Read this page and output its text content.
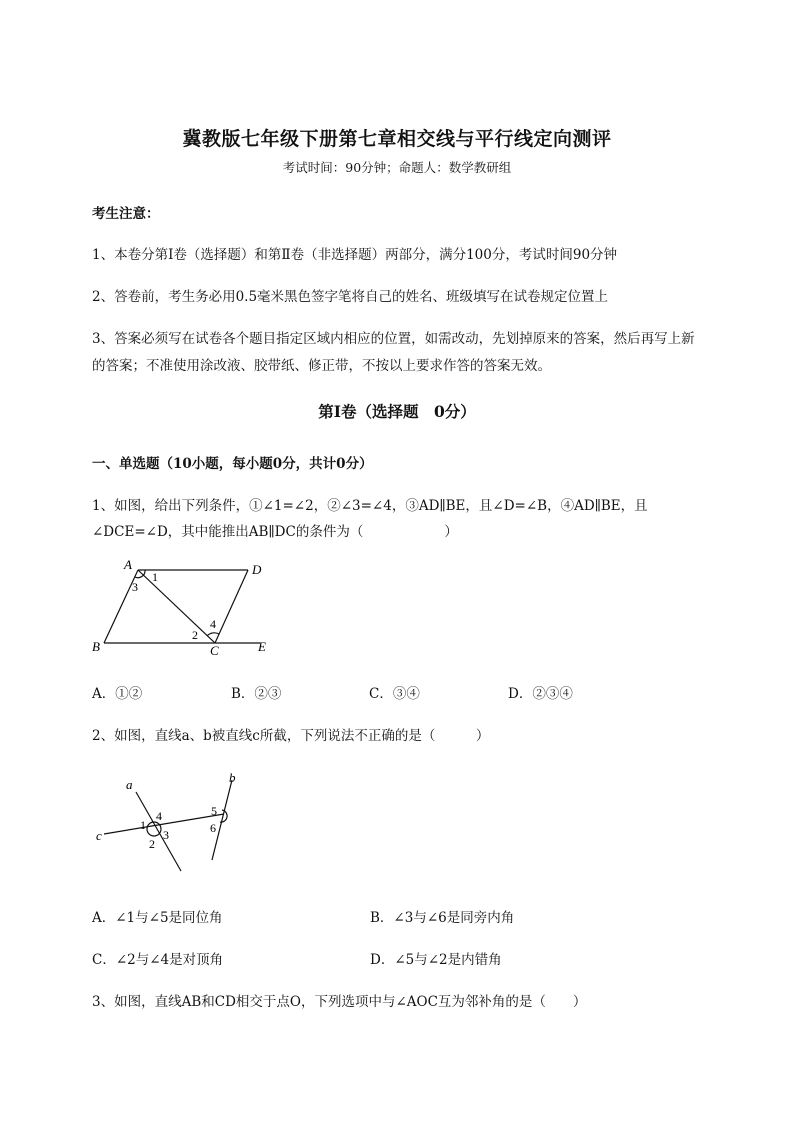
冀教版七年级下册第七章相交线与平行线定向测评
考试时间：90分钟；命题人：数学教研组
考生注意：
1、本卷分第I卷（选择题）和第Ⅱ卷（非选择题）两部分，满分100分，考试时间90分钟
2、答卷前，考生务必用0.5毫米黑色签字笔将自己的姓名、班级填写在试卷规定位置上
3、答案必须写在试卷各个题目指定区域内相应的位置，如需改动，先划掉原来的答案，然后再写上新
的答案；不准使用涂改液、胶带纸、修正带，不按以上要求作答的答案无效。
第I卷（选择题　0分）
一、单选题（10小题，每小题0分，共计0分）
1、如图，给出下列条件，①∠1=∠2，②∠3=∠4，③AD∥BE，且∠D=∠B，④AD∥BE，且
∠DCE=∠D，其中能推出AB∥DC的条件为（　　　　　　）
A	D
B	C	E
1
3
4
2
A．①②	B．②③	C．③④	D．②③④
2、如图，直线a、b被直线c所截，下列说法不正确的是（　　　）
a	b
c
1
4
3
2
5
6
A．∠1与∠5是同位角	B．∠3与∠6是同旁内角
C．∠2与∠4是对顶角	D．∠5与∠2是内错角
3、如图，直线AB和CD相交于点O，下列选项中与∠AOC互为邻补角的是（　　）
